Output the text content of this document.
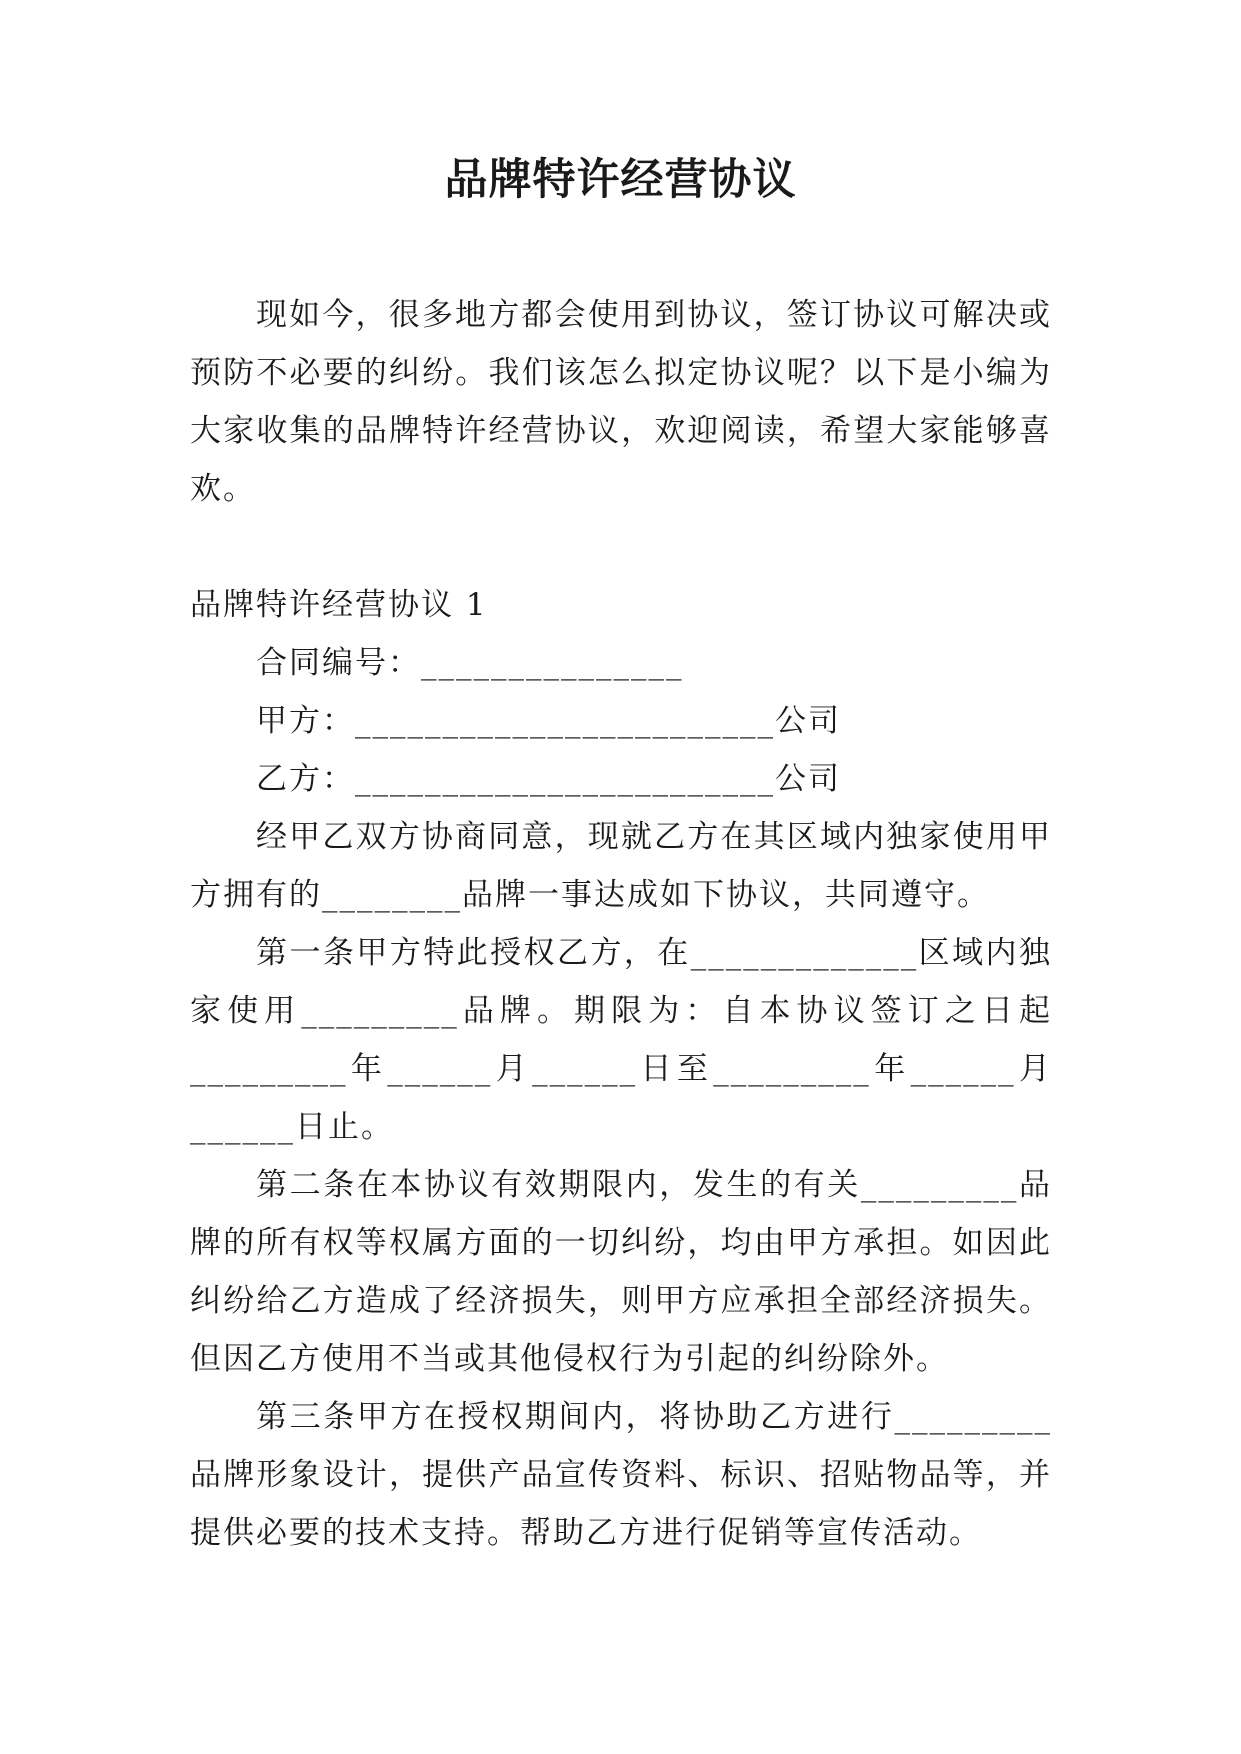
品牌特许经营协议

现如今，很多地方都会使用到协议，签订协议可解决或预防不必要的纠纷。我们该怎么拟定协议呢？以下是小编为大家收集的品牌特许经营协议，欢迎阅读，希望大家能够喜欢。

品牌特许经营协议 1

合同编号：_______________

甲方：________________________公司

乙方：________________________公司

经甲乙双方协商同意，现就乙方在其区域内独家使用甲方拥有的________品牌一事达成如下协议，共同遵守。

第一条甲方特此授权乙方，在_____________区域内独家使用_________品牌。期限为：自本协议签订之日起_________年______月______日至_________年______月______日止。

第二条在本协议有效期限内，发生的有关_________品牌的所有权等权属方面的一切纠纷，均由甲方承担。如因此纠纷给乙方造成了经济损失，则甲方应承担全部经济损失。但因乙方使用不当或其他侵权行为引起的纠纷除外。

第三条甲方在授权期间内，将协助乙方进行_________品牌形象设计，提供产品宣传资料、标识、招贴物品等，并提供必要的技术支持。帮助乙方进行促销等宣传活动。
